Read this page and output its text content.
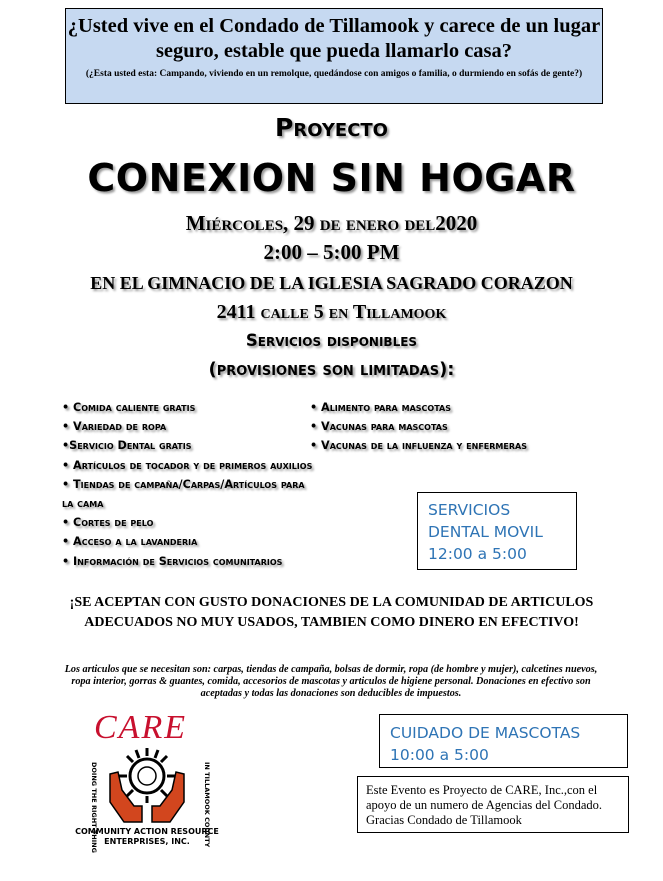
¿Usted vive en el Condado de Tillamook y carece de un lugar seguro, estable que pueda llamarlo casa?
(¿Esta usted esta: Campando, viviendo en un remolque, quedándose con amigos o familia, o durmiendo en sofás de gente?)
Proyecto
CONEXION SIN HOGAR
Miércoles, 29 de enero del2020
2:00 – 5:00 PM
EN EL GIMNACIO DE LA IGLESIA SAGRADO CORAZON
2411 calle 5 en Tillamook
Servicios disponibles
(provisiones son limitadas):
• Comida caliente gratis
• Variedad de ropa
•Servicio Dental gratis
• Artículos de tocador y de primeros auxilios
• Tiendas de campaña/Carpas/Artículos para
la cama
• Cortes de pelo
• Acceso a la lavanderia
• Información de Servicios comunitarios
• Alimento para mascotas
• Vacunas para mascotas
• Vacunas de la influenza y enfermeras
SERVICIOS
DENTAL MOVIL
12:00 a 5:00
¡SE ACEPTAN CON GUSTO DONACIONES DE LA COMUNIDAD DE ARTICULOS ADECUADOS NO MUY USADOS, TAMBIEN COMO DINERO EN EFECTIVO!
Los articulos que se necesitan son: carpas, tiendas de campaña, bolsas de dormir, ropa (de hombre y mujer), calcetines nuevos, ropa interior, gorras & guantes, comida, accesorios de mascotas y articulos de higiene personal. Donaciones en efectivo son aceptadas y todas las donaciones son deducibles de impuestos.
CUIDADO DE MASCOTAS
10:00 a 5:00
CARE
DOING THE RIGHT THING	IN TILLAMOOK COUNTY
COMMUNITY ACTION RESOURCE
ENTERPRISES, INC.
Este Evento es Proyecto de CARE, Inc.,con el apoyo de un numero de Agencias del Condado. Gracias Condado de Tillamook
